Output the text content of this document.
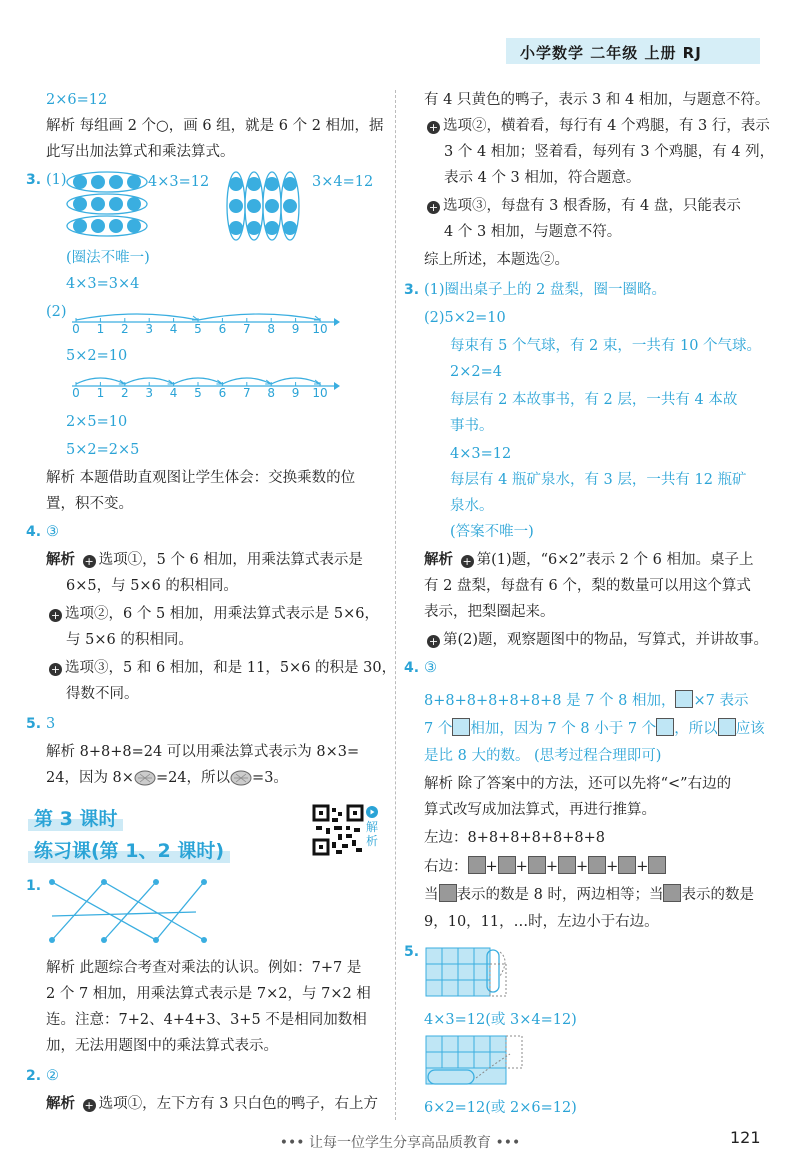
小学数学 二年级 上册 RJ
2×6=12
解析 每组画 2 个○，画 6 组，就是 6 个 2 相加，据
此写出加法算式和乘法算式。
3. (1)	4×3=12	3×4=12
(圈法不唯一)
4×3=3×4
(2)
0	1	2	3	4	5	6	7	8	9	10
5×2=10
0	1	2	3	4	5	6	7	8	9	10
2×5=10
5×2=2×5
解析 本题借助直观图让学生体会：交换乘数的位
置，积不变。
4. ③
解析 + 选项①，5 个 6 相加，用乘法算式表示是
6×5，与 5×6 的积相同。
+ 选项②，6 个 5 相加，用乘法算式表示是 5×6，
与 5×6 的积相同。
+ 选项③，5 和 6 相加，和是 11，5×6 的积是 30，
得数不同。
5. 3
解析 8+8+8=24 可以用乘法算式表示为 8×3=
24，因为 8× =24，所以 =3。
第 3 课时
练习课(第 1、2 课时)
解析
1.
解析 此题综合考查对乘法的认识。例如：7+7 是
2 个 7 相加，用乘法算式表示是 7×2，与 7×2 相
连。注意：7+2、4+4+3、3+5 不是相同加数相
加，无法用题图中的乘法算式表示。
2. ②
解析 + 选项①，左下方有 3 只白色的鸭子，右上方
有 4 只黄色的鸭子，表示 3 和 4 相加，与题意不符。
+ 选项②，横着看，每行有 4 个鸡腿，有 3 行，表示
3 个 4 相加；竖着看，每列有 3 个鸡腿，有 4 列，
表示 4 个 3 相加，符合题意。
+ 选项③，每盘有 3 根香肠，有 4 盘，只能表示
4 个 3 相加，与题意不符。
综上所述，本题选②。
3. (1)圈出桌子上的 2 盘梨，圈一圈略。
(2)5×2=10
每束有 5 个气球，有 2 束，一共有 10 个气球。
2×2=4
每层有 2 本故事书，有 2 层，一共有 4 本故
事书。
4×3=12
每层有 4 瓶矿泉水，有 3 层，一共有 12 瓶矿
泉水。
(答案不唯一)
解析 + 第(1)题，“6×2”表示 2 个 6 相加。桌子上
有 2 盘梨，每盘有 6 个，梨的数量可以用这个算式
表示，把梨圈起来。
+ 第(2)题，观察题图中的物品，写算式，并讲故事。
4. ③
8+8+8+8+8+8+8 是 7 个 8 相加， ×7 表示
7 个 相加，因为 7 个 8 小于 7 个 ，所以 应该
是比 8 大的数。 (思考过程合理即可)
解析 除了答案中的方法，还可以先将“<”右边的
算式改写成加法算式，再进行推算。
左边：8+8+8+8+8+8+8
右边： + + + + + +
当 表示的数是 8 时，两边相等；当 表示的数是
9，10，11，…时，左边小于右边。
5.
4×3=12(或 3×4=12)
6×2=12(或 2×6=12)
••• 让每一位学生分享高品质教育 •••	121
